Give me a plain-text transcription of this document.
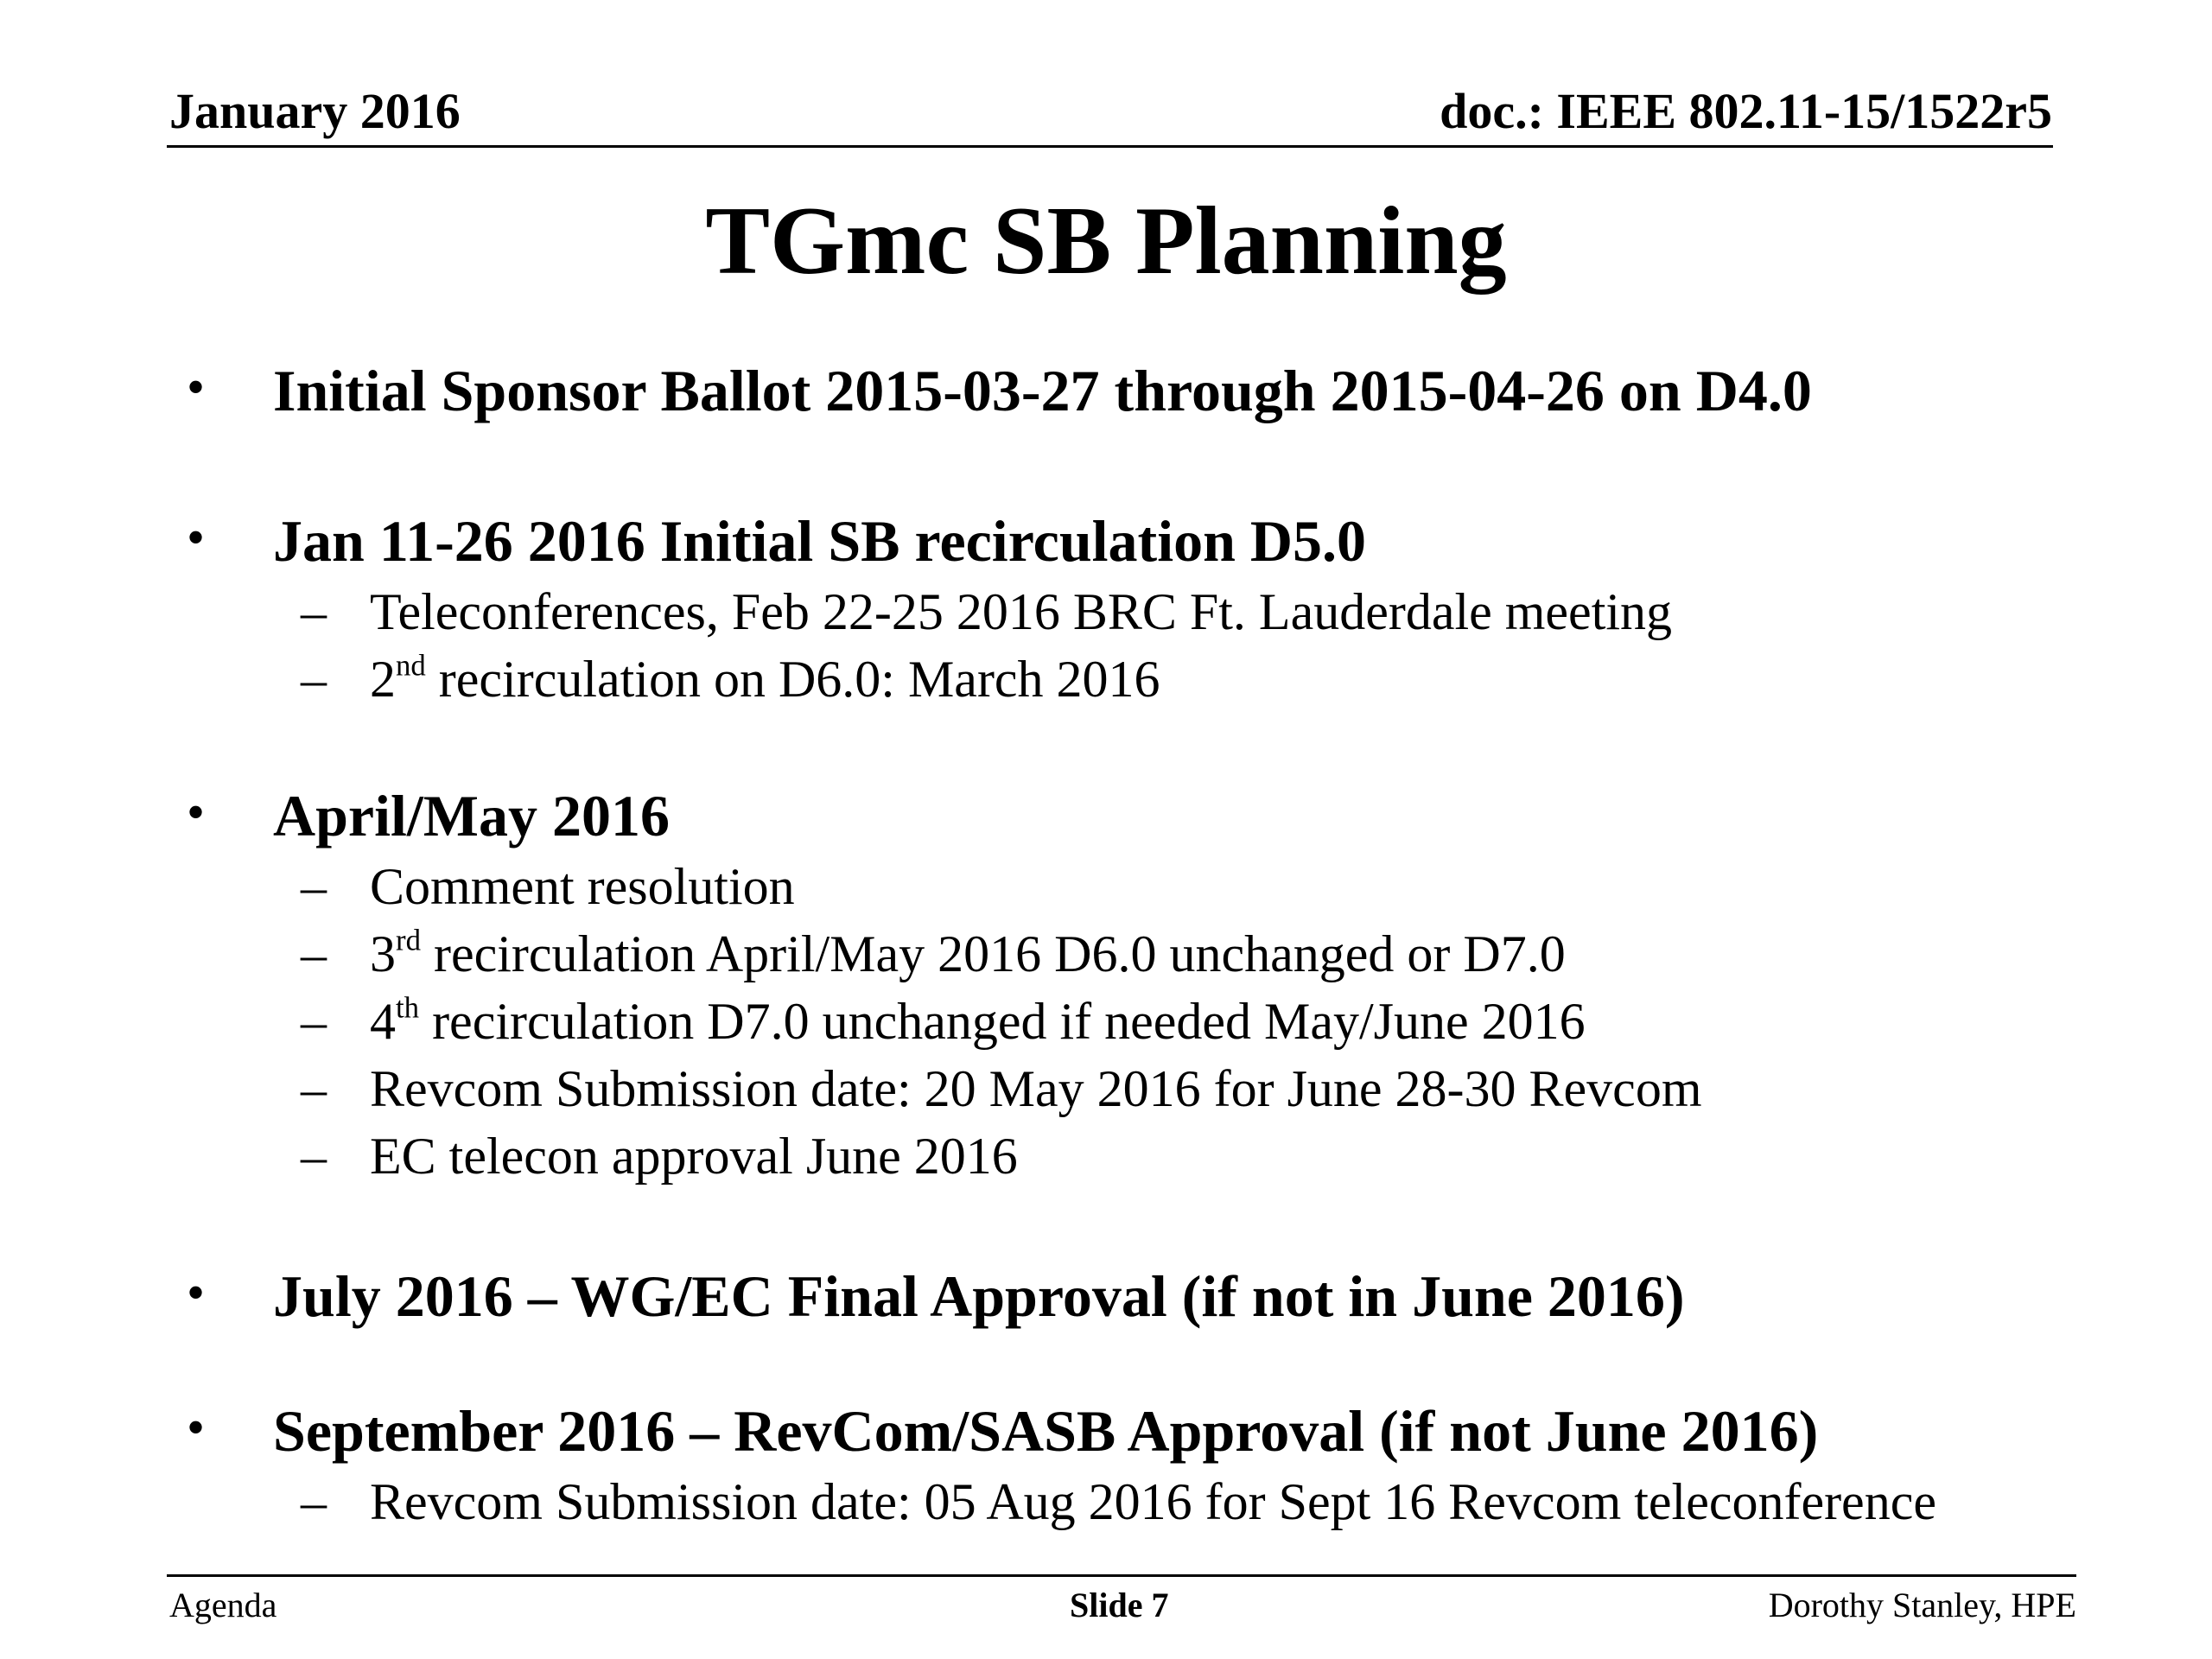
January 2016	doc.: IEEE 802.11-15/1522r5
TGmc SB Planning
• Initial Sponsor Ballot 2015-03-27 through 2015-04-26 on D4.0
• Jan 11-26 2016 Initial SB recirculation D5.0
– Teleconferences, Feb 22-25 2016 BRC Ft. Lauderdale meeting
– 2nd recirculation on D6.0: March 2016
• April/May 2016
– Comment resolution
– 3rd recirculation April/May 2016 D6.0 unchanged or D7.0
– 4th recirculation D7.0 unchanged if needed May/June 2016
– Revcom Submission date: 20 May 2016 for June 28-30 Revcom
– EC telecon approval June 2016
• July 2016 – WG/EC Final Approval (if not in June 2016)
• September 2016 – RevCom/SASB Approval (if not June 2016)
– Revcom Submission date: 05 Aug 2016 for Sept 16 Revcom teleconference
Agenda	Slide 7	Dorothy Stanley, HPE
